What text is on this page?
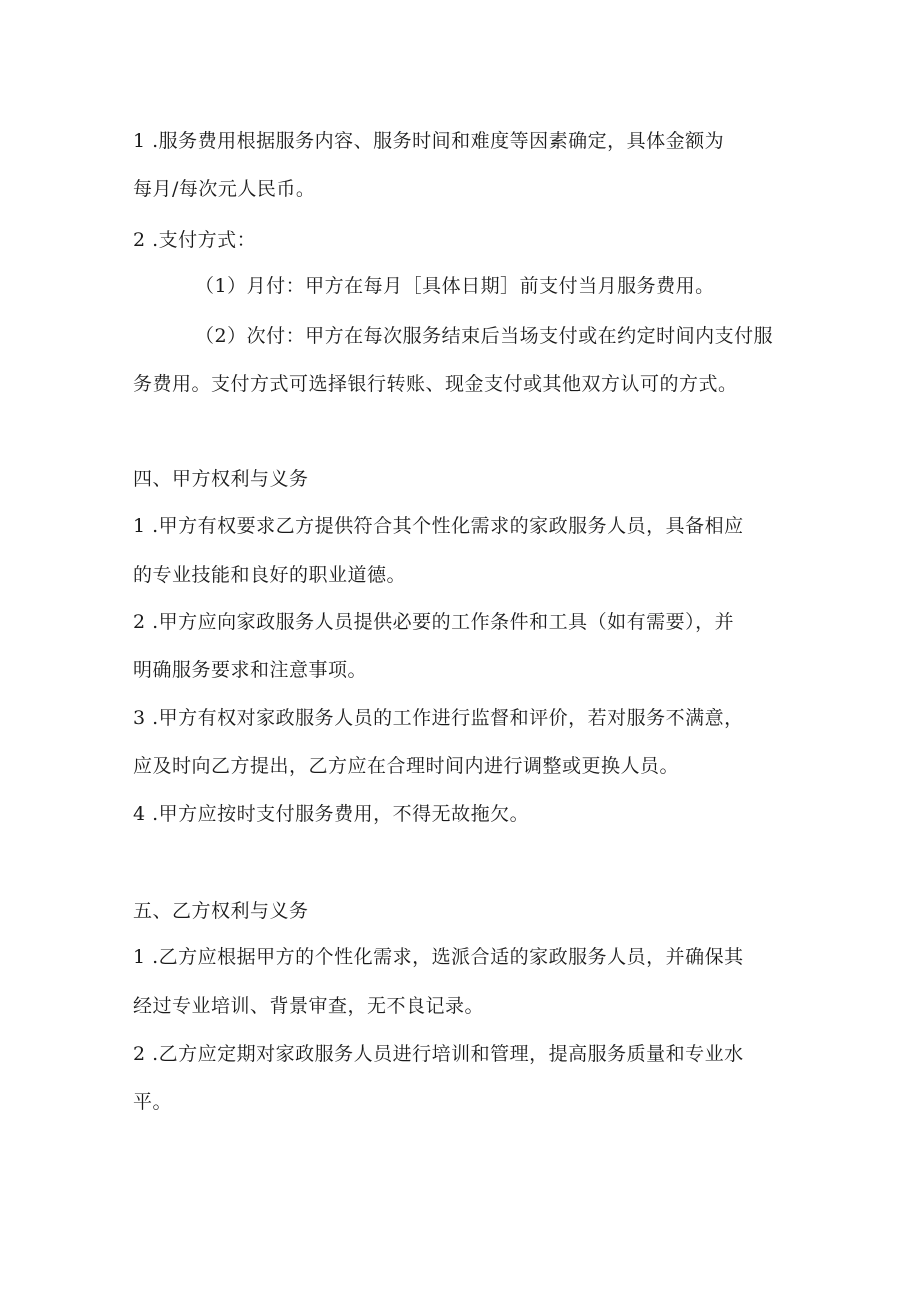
1 .服务费用根据服务内容、服务时间和难度等因素确定，具体金额为
每月/每次元人民币。
2 .支付方式：
（1）月付：甲方在每月［具体日期］前支付当月服务费用。
（2）次付：甲方在每次服务结束后当场支付或在约定时间内支付服
务费用。支付方式可选择银行转账、现金支付或其他双方认可的方式。
四、甲方权利与义务
1 .甲方有权要求乙方提供符合其个性化需求的家政服务人员，具备相应
的专业技能和良好的职业道德。
2 .甲方应向家政服务人员提供必要的工作条件和工具（如有需要），并
明确服务要求和注意事项。
3 .甲方有权对家政服务人员的工作进行监督和评价，若对服务不满意，
应及时向乙方提出，乙方应在合理时间内进行调整或更换人员。
4 .甲方应按时支付服务费用，不得无故拖欠。
五、乙方权利与义务
1 .乙方应根据甲方的个性化需求，选派合适的家政服务人员，并确保其
经过专业培训、背景审查，无不良记录。
2 .乙方应定期对家政服务人员进行培训和管理，提高服务质量和专业水
平。
